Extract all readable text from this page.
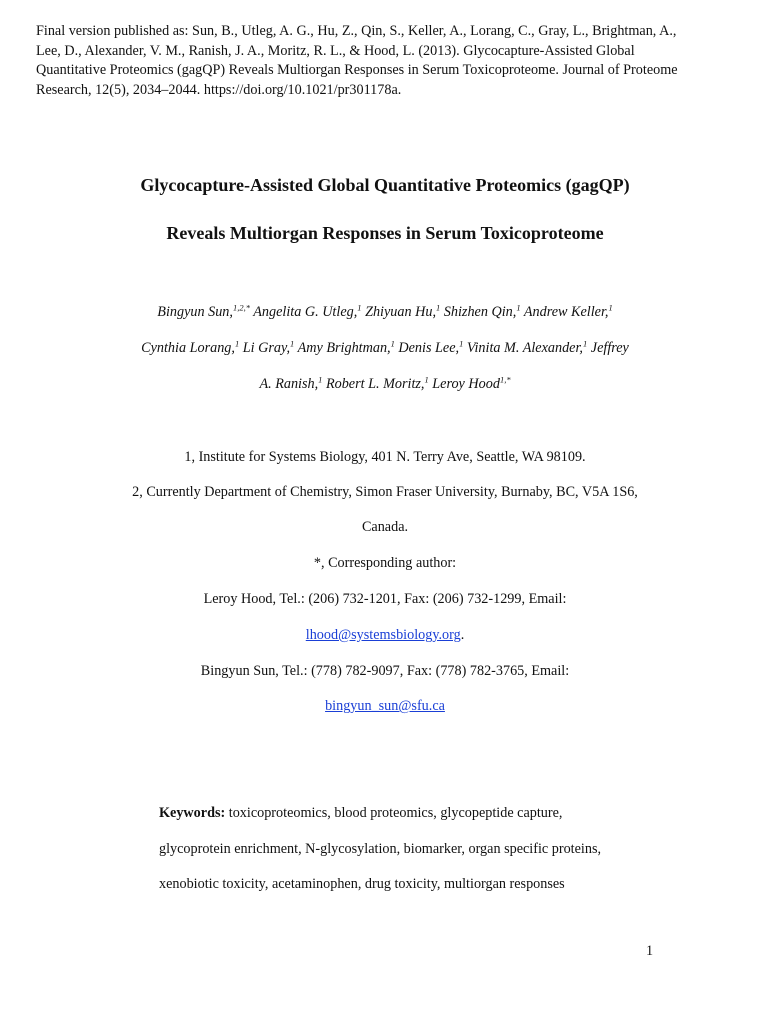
Final version published as: Sun, B., Utleg, A. G., Hu, Z., Qin, S., Keller, A., Lorang, C., Gray, L., Brightman, A.,
Lee, D., Alexander, V. M., Ranish, J. A., Moritz, R. L., & Hood, L. (2013). Glycocapture-Assisted Global
Quantitative Proteomics (gagQP) Reveals Multiorgan Responses in Serum Toxicoproteome. Journal of Proteome
Research, 12(5), 2034–2044. https://doi.org/10.1021/pr301178a.
Glycocapture-Assisted Global Quantitative Proteomics (gagQP)
Reveals Multiorgan Responses in Serum Toxicoproteome
Bingyun Sun,$^{1,2,*}$ Angelita G. Utleg,$^1$ Zhiyuan Hu,$^1$ Shizhen Qin,$^1$ Andrew Keller,$^1$
Cynthia Lorang,$^1$ Li Gray,$^1$ Amy Brightman,$^1$ Denis Lee,$^1$ Vinita M. Alexander,$^1$ Jeffrey
A. Ranish,$^1$ Robert L. Moritz,$^1$ Leroy Hood$^{1,*}$
1, Institute for Systems Biology, 401 N. Terry Ave, Seattle, WA 98109.
2, Currently Department of Chemistry, Simon Fraser University, Burnaby, BC, V5A 1S6,
Canada.
*, Corresponding author:
Leroy Hood, Tel.: (206) 732-1201, Fax: (206) 732-1299, Email:
lhood@systemsbiology.org.
Bingyun Sun, Tel.: (778) 782-9097, Fax: (778) 782-3765, Email:
bingyun_sun@sfu.ca
Keywords: toxicoproteomics, blood proteomics, glycopeptide capture,
glycoprotein enrichment, N-glycosylation, biomarker, organ specific proteins,
xenobiotic toxicity, acetaminophen, drug toxicity, multiorgan responses
1
